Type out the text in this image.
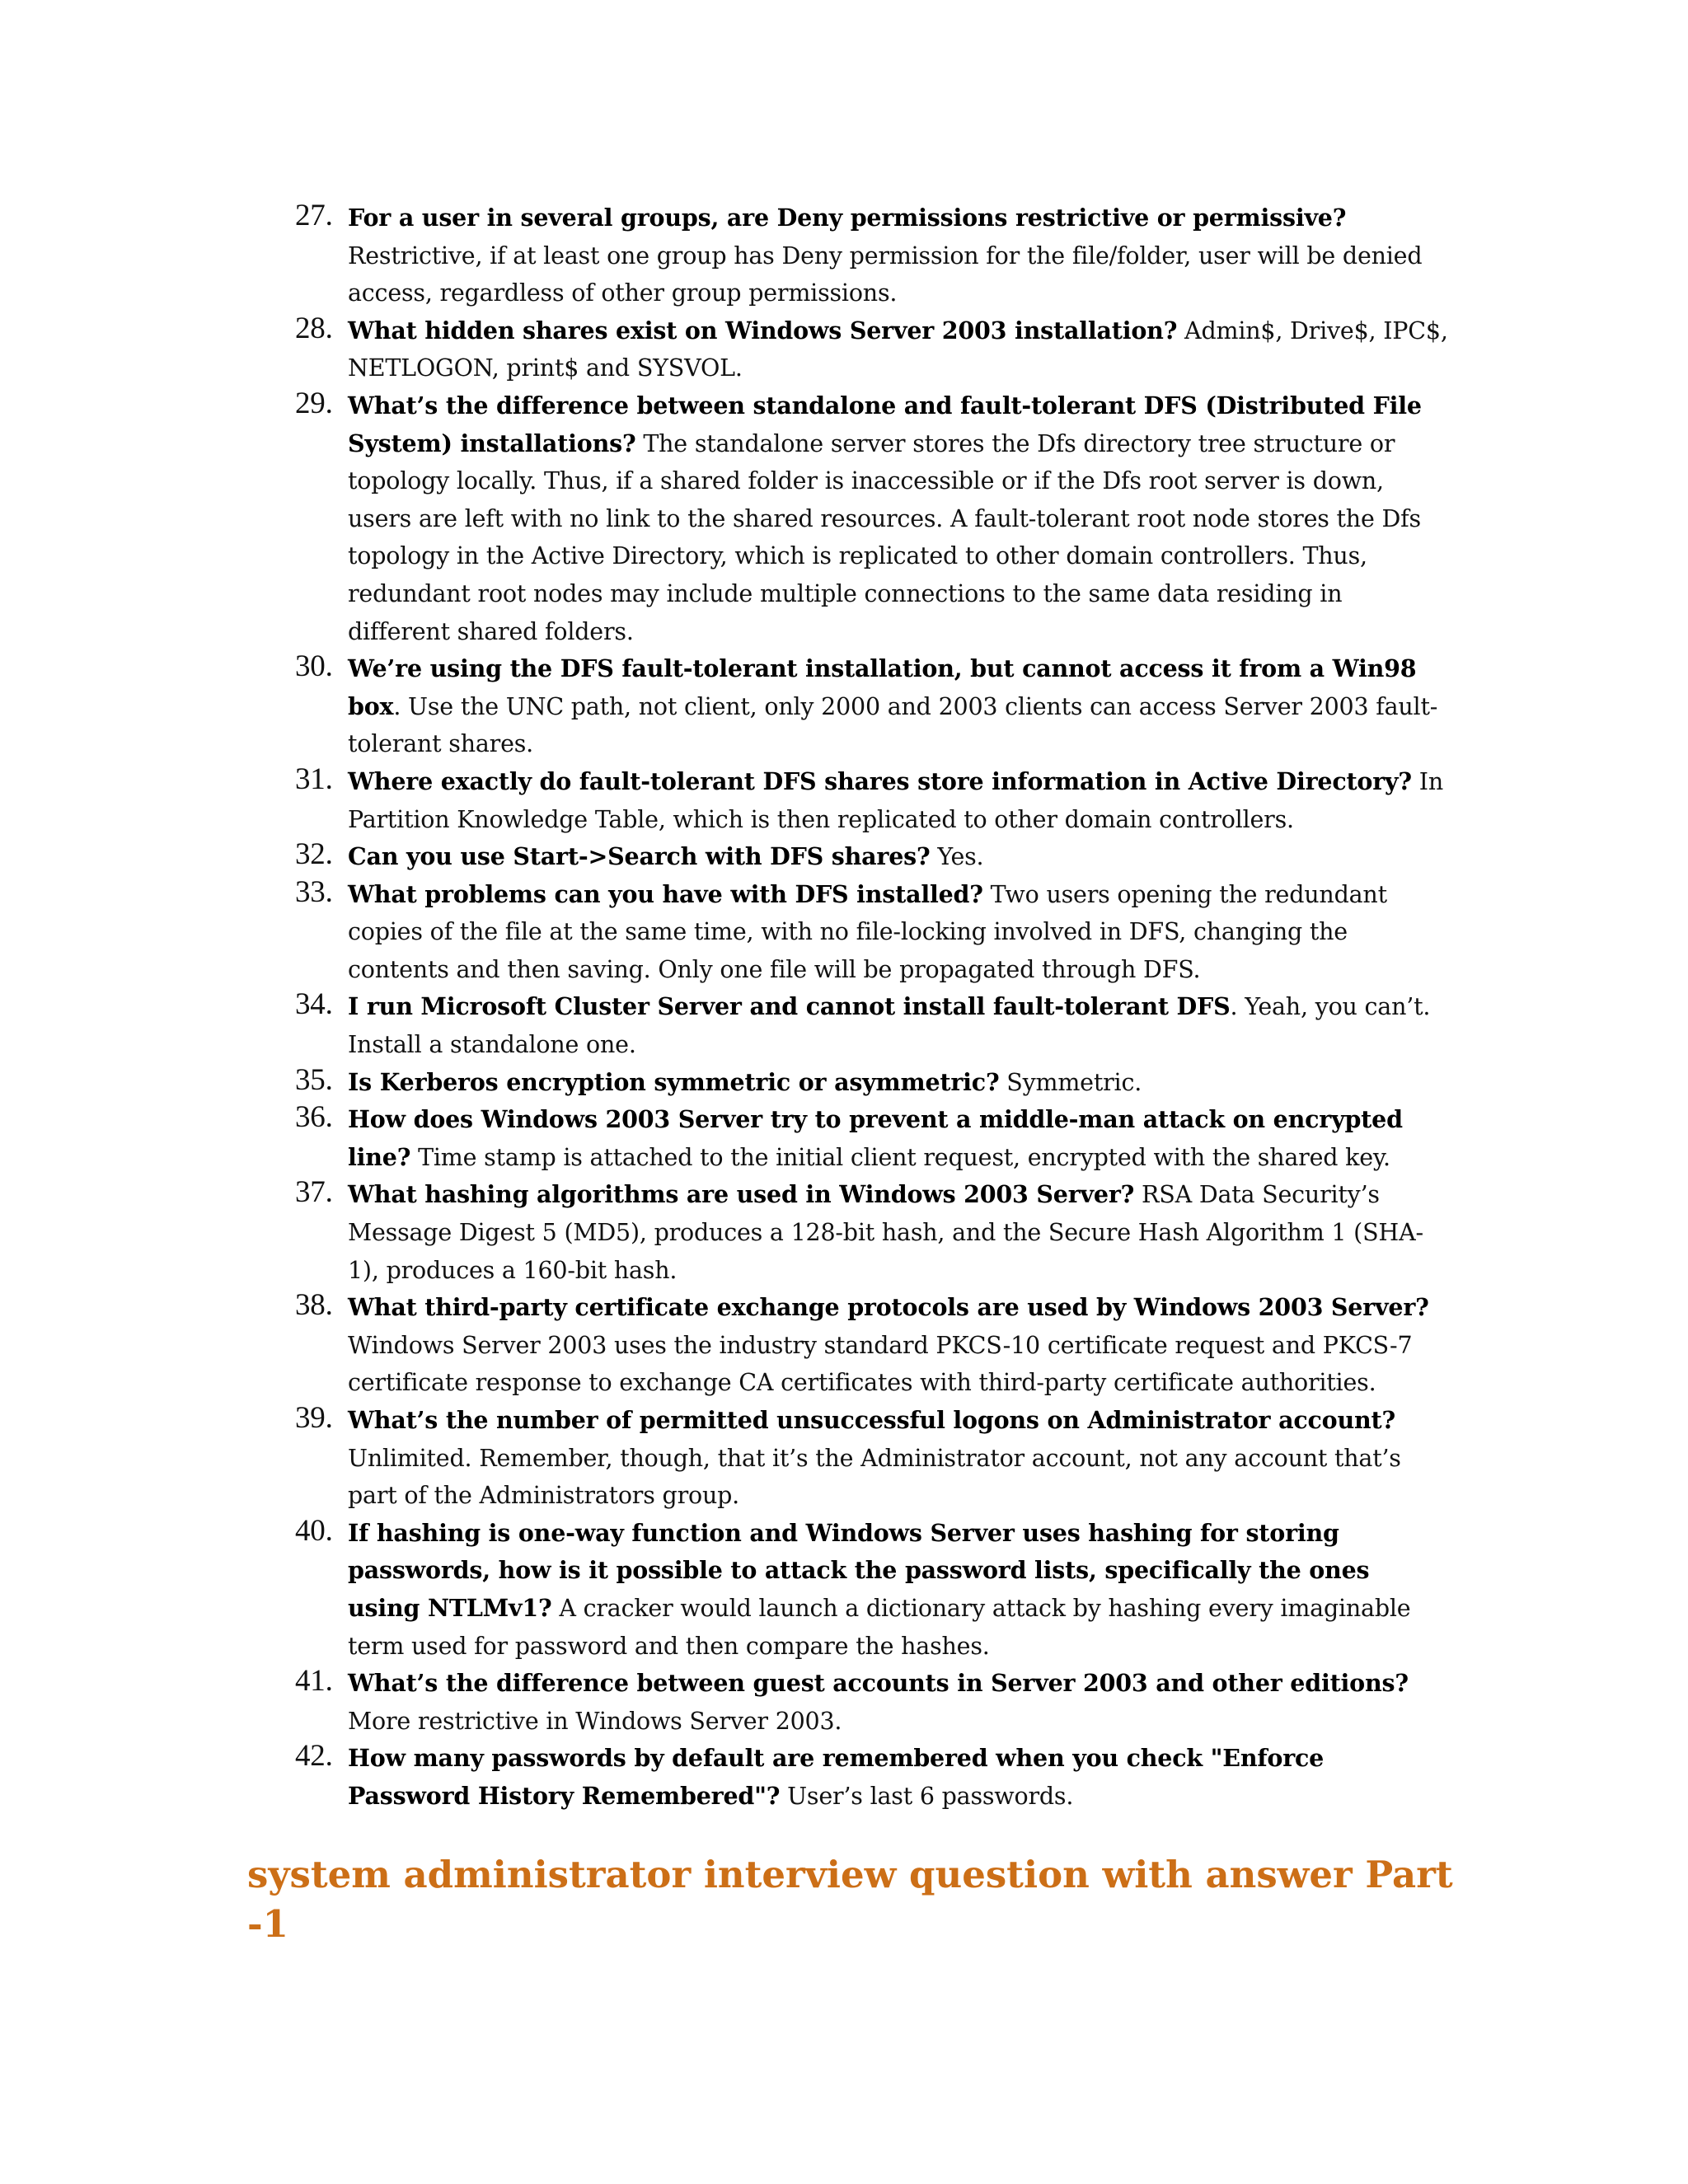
27. For a user in several groups, are Deny permissions restrictive or permissive? Restrictive, if at least one group has Deny permission for the file/folder, user will be denied access, regardless of other group permissions.
28. What hidden shares exist on Windows Server 2003 installation? Admin$, Drive$, IPC$, NETLOGON, print$ and SYSVOL.
29. What’s the difference between standalone and fault-tolerant DFS (Distributed File System) installations? The standalone server stores the Dfs directory tree structure or topology locally. Thus, if a shared folder is inaccessible or if the Dfs root server is down, users are left with no link to the shared resources. A fault-tolerant root node stores the Dfs topology in the Active Directory, which is replicated to other domain controllers. Thus, redundant root nodes may include multiple connections to the same data residing in different shared folders.
30. We’re using the DFS fault-tolerant installation, but cannot access it from a Win98 box. Use the UNC path, not client, only 2000 and 2003 clients can access Server 2003 fault-tolerant shares.
31. Where exactly do fault-tolerant DFS shares store information in Active Directory? In Partition Knowledge Table, which is then replicated to other domain controllers.
32. Can you use Start->Search with DFS shares? Yes.
33. What problems can you have with DFS installed? Two users opening the redundant copies of the file at the same time, with no file-locking involved in DFS, changing the contents and then saving. Only one file will be propagated through DFS.
34. I run Microsoft Cluster Server and cannot install fault-tolerant DFS. Yeah, you can’t. Install a standalone one.
35. Is Kerberos encryption symmetric or asymmetric? Symmetric.
36. How does Windows 2003 Server try to prevent a middle-man attack on encrypted line? Time stamp is attached to the initial client request, encrypted with the shared key.
37. What hashing algorithms are used in Windows 2003 Server? RSA Data Security’s Message Digest 5 (MD5), produces a 128-bit hash, and the Secure Hash Algorithm 1 (SHA-1), produces a 160-bit hash.
38. What third-party certificate exchange protocols are used by Windows 2003 Server? Windows Server 2003 uses the industry standard PKCS-10 certificate request and PKCS-7 certificate response to exchange CA certificates with third-party certificate authorities.
39. What’s the number of permitted unsuccessful logons on Administrator account? Unlimited. Remember, though, that it’s the Administrator account, not any account that’s part of the Administrators group.
40. If hashing is one-way function and Windows Server uses hashing for storing passwords, how is it possible to attack the password lists, specifically the ones using NTLMv1? A cracker would launch a dictionary attack by hashing every imaginable term used for password and then compare the hashes.
41. What’s the difference between guest accounts in Server 2003 and other editions? More restrictive in Windows Server 2003.
42. How many passwords by default are remembered when you check "Enforce Password History Remembered"? User’s last 6 passwords.
system administrator interview question with answer Part -1
